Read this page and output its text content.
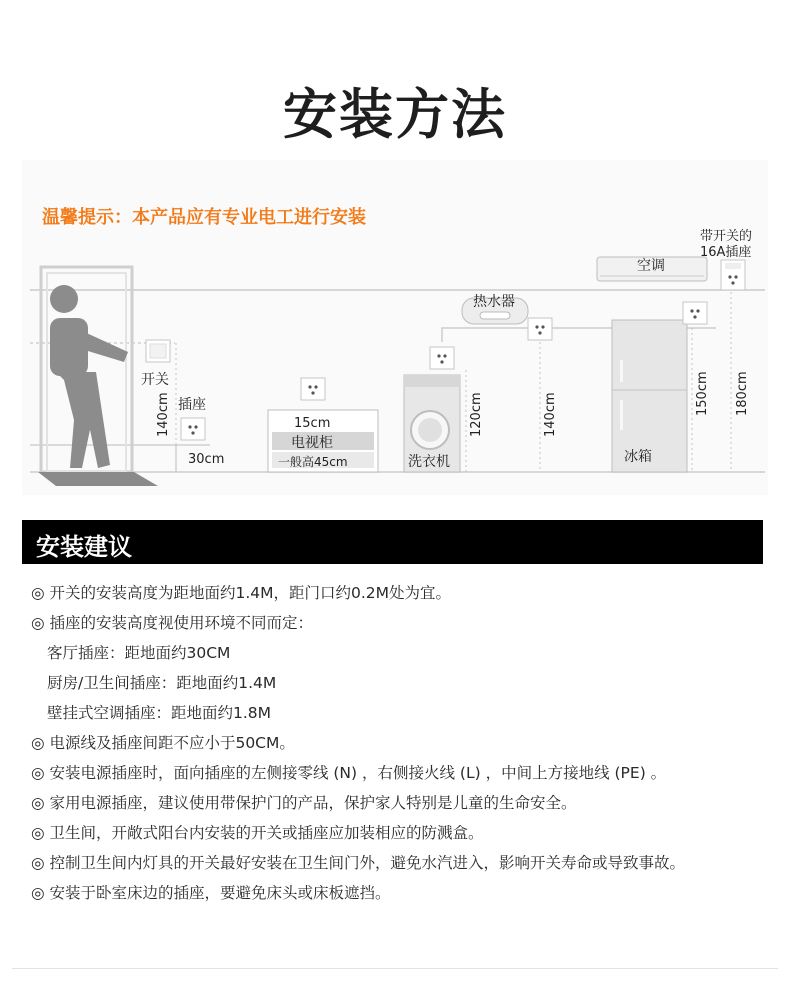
安装方法
开关
插座
30cm
140cm	15cm
电视柜
一般高45cm	洗衣机
120cm
热水器
140cm
冰箱
150cm
空调
带开关的
16A插座
180cm
温馨提示：本产品应有专业电工进行安装
安装建议
◎ 开关的安装高度为距地面约1.4M，距门口约0.2M处为宜。
◎ 插座的安装高度视使用环境不同而定：
客厅插座：距地面约30CM
厨房/卫生间插座：距地面约1.4M
壁挂式空调插座：距地面约1.8M
◎ 电源线及插座间距不应小于50CM。
◎ 安装电源插座时，面向插座的左侧接零线 (N) ，右侧接火线 (L) ，中间上方接地线 (PE) 。
◎ 家用电源插座，建议使用带保护门的产品，保护家人特别是儿童的生命安全。
◎ 卫生间，开敞式阳台内安装的开关或插座应加装相应的防溅盒。
◎ 控制卫生间内灯具的开关最好安装在卫生间门外，避免水汽进入，影响开关寿命或导致事故。
◎ 安装于卧室床边的插座，要避免床头或床板遮挡。
